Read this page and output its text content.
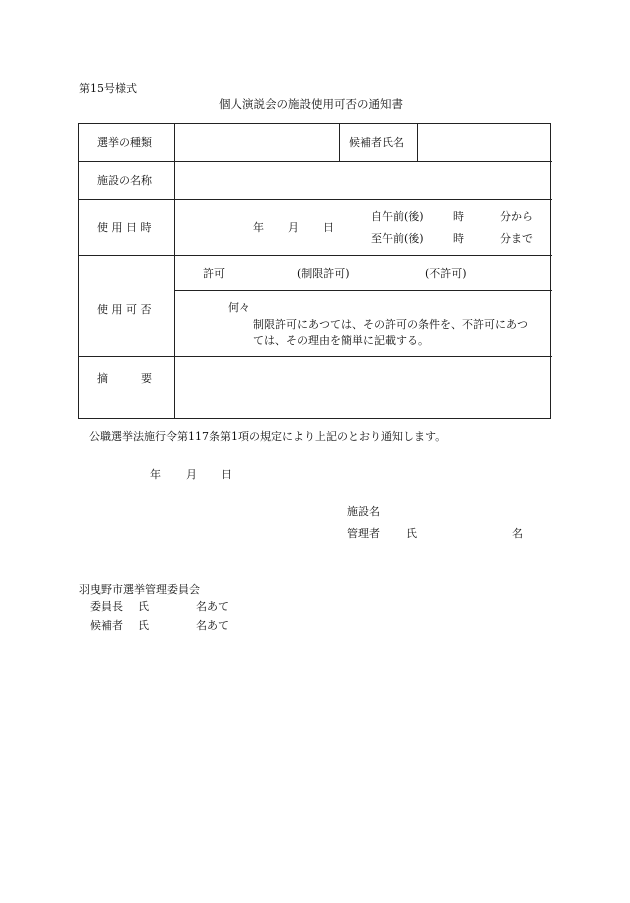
第15号様式
個人演説会の施設使用可否の通知書
選挙の種類	候補者氏名
施設の名称
使 用 日 時	年 月 日
自午前(後)	時	分から
至午前(後)	時	分まで
使 用 可 否
許可	(制限許可)	(不許可)
何々
制限許可にあつては、その許可の条件を、不許可にあつ
ては、その理由を簡単に記載する。
摘　　　要
公職選挙法施行令第117条第1項の規定により上記のとおり通知します。
年 月 日
施設名
管理者 氏	名
羽曳野市選挙管理委員会
委員長 氏	名あて
候補者 氏	名あて
